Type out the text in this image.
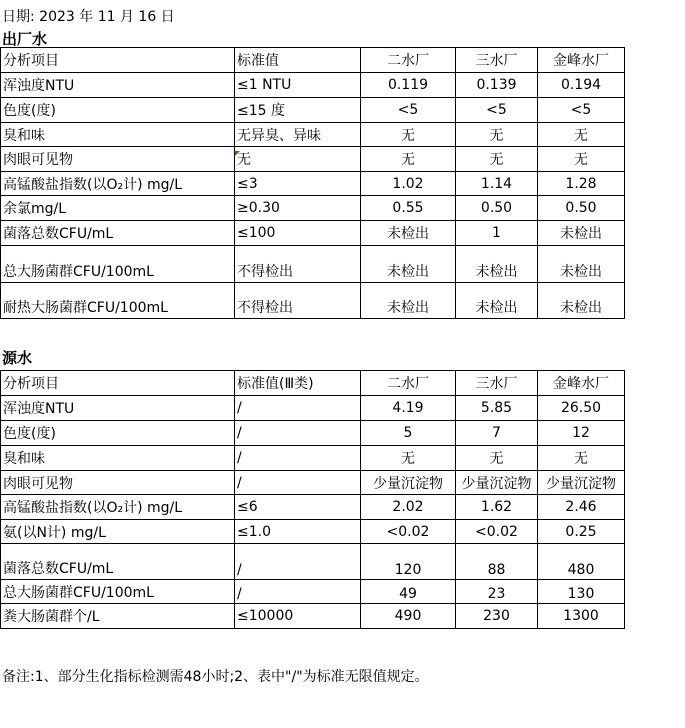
日期: 2023 年 11 月 16 日
出厂水
分析项目	标准值	二水厂	三水厂	金峰水厂
浑浊度NTU	≤1 NTU	0.119	0.139	0.194
色度(度)	≤15 度	<5	<5	<5
臭和味	无异臭、异味	无	无	无
肉眼可见物	无	无	无	无
高锰酸盐指数(以O₂计) mg/L	≤3	1.02	1.14	1.28
余氯mg/L	≥0.30	0.55	0.50	0.50
菌落总数CFU/mL	≤100	未检出	1	未检出
总大肠菌群CFU/100mL	不得检出	未检出	未检出	未检出
耐热大肠菌群CFU/100mL	不得检出	未检出	未检出	未检出
源水
分析项目	标准值(Ⅲ类)	二水厂	三水厂	金峰水厂
浑浊度NTU	/	4.19	5.85	26.50
色度(度)	/	5	7	12
臭和味	/	无	无	无
肉眼可见物	/	少量沉淀物	少量沉淀物	少量沉淀物
高锰酸盐指数(以O₂计) mg/L	≤6	2.02	1.62	2.46
氨(以N计) mg/L	≤1.0	<0.02	<0.02	0.25
菌落总数CFU/mL	/	120	88	480
总大肠菌群CFU/100mL	/	49	23	130
粪大肠菌群个/L	≤10000	490	230	1300
备注:1、部分生化指标检测需48小时;2、表中"/"为标准无限值规定。
